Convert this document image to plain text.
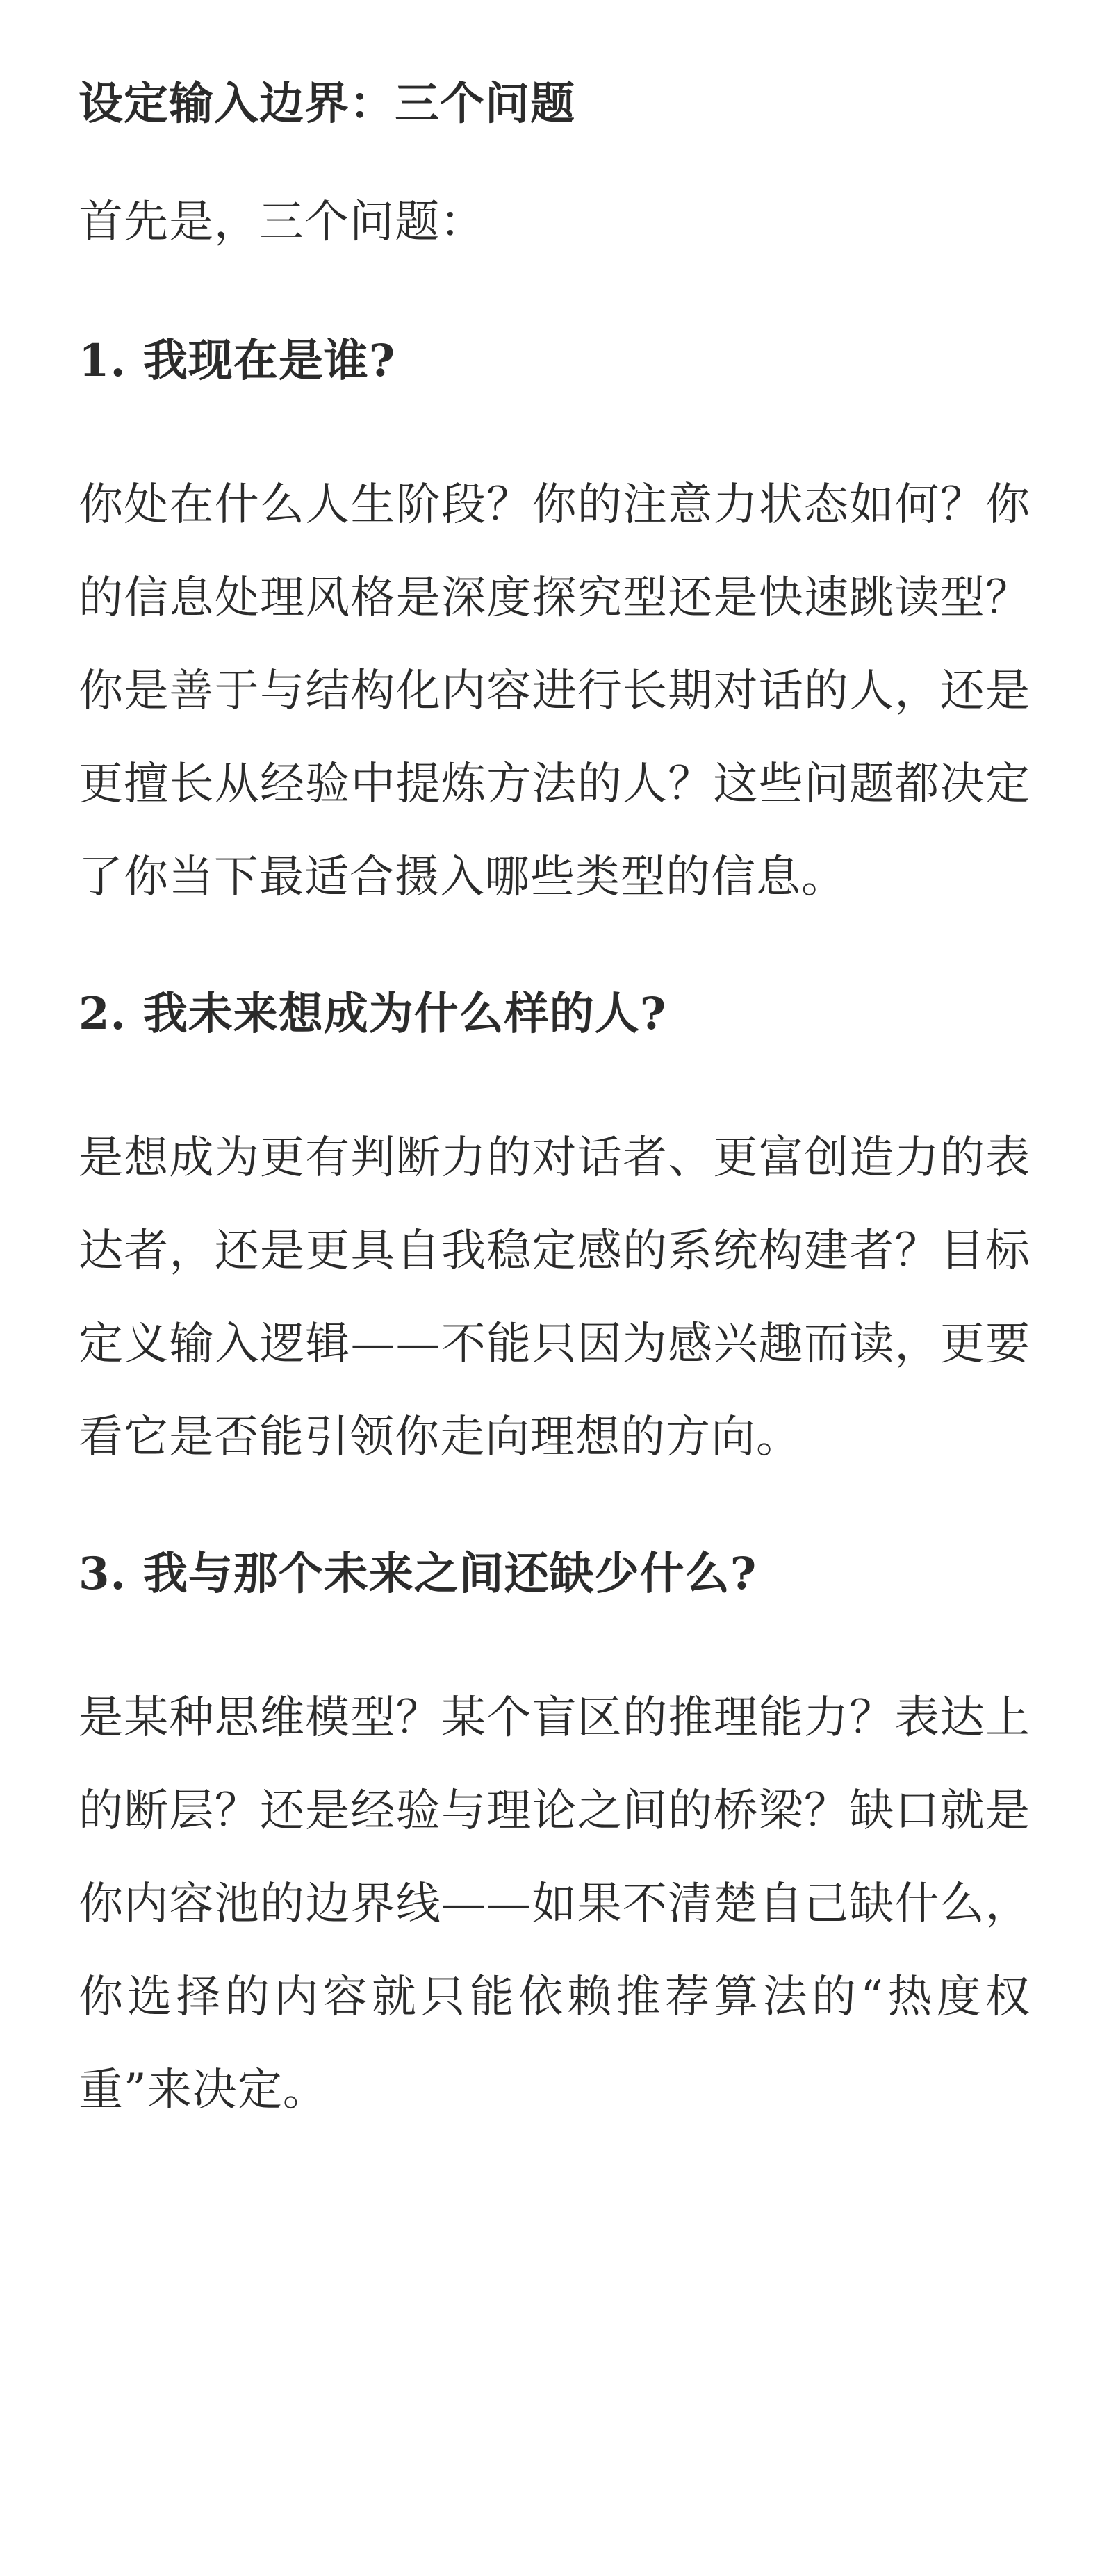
设定输入边界：三个问题

首先是，三个问题：

1. 我现在是谁?

你处在什么人生阶段？你的注意力状态如何？你的信息处理风格是深度探究型还是快速跳读型？你是善于与结构化内容进行长期对话的人，还是更擅长从经验中提炼方法的人？这些问题都决定了你当下最适合摄入哪些类型的信息。

2. 我未来想成为什么样的人?

是想成为更有判断力的对话者、更富创造力的表达者，还是更具自我稳定感的系统构建者？目标定义输入逻辑——不能只因为感兴趣而读，更要看它是否能引领你走向理想的方向。

3. 我与那个未来之间还缺少什么?

是某种思维模型？某个盲区的推理能力？表达上的断层？还是经验与理论之间的桥梁？缺口就是你内容池的边界线——如果不清楚自己缺什么，你选择的内容就只能依赖推荐算法的“热度权重”来决定。
